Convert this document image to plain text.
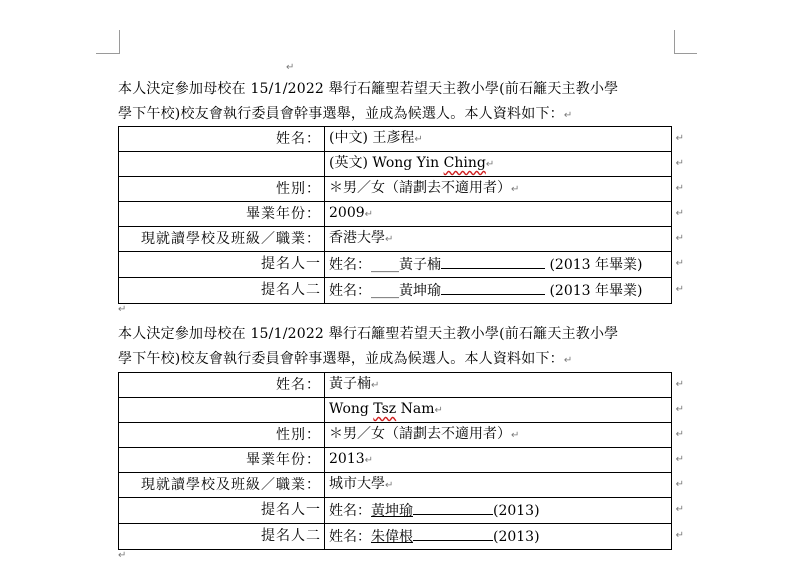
↵
本人決定參加母校在 15/1/2022 舉行石籬聖若望天主教小學(前石籬天主教小學
學下午校)校友會執行委員會幹事選舉，並成為候選人。本人資料如下：↵
姓名：	(中文) 王彥程↵ ↵

	(英文) Wong Yin Ching↵ ↵

性別：	＊男／女（請劃去不適用者）↵ ↵

畢業年份：	2009↵ ↵

現就讀學校及班級／職業：	香港大學↵ ↵

提名人一	姓名：____黃子楠 (2013 年畢業) ↵

提名人二	姓名：____黃坤瑜 (2013 年畢業) ↵
↵
本人決定參加母校在 15/1/2022 舉行石籬聖若望天主教小學(前石籬天主教小學
學下午校)校友會執行委員會幹事選舉，並成為候選人。本人資料如下：↵
姓名：	黃子楠↵ ↵

	Wong Tsz Nam↵ ↵

性別：	＊男／女（請劃去不適用者）↵ ↵

畢業年份：	2013↵ ↵

現就讀學校及班級／職業：	城市大學↵ ↵

提名人一	姓名：黃坤瑜 (2013) ↵

提名人二	姓名：朱偉根 (2013) ↵
↵
